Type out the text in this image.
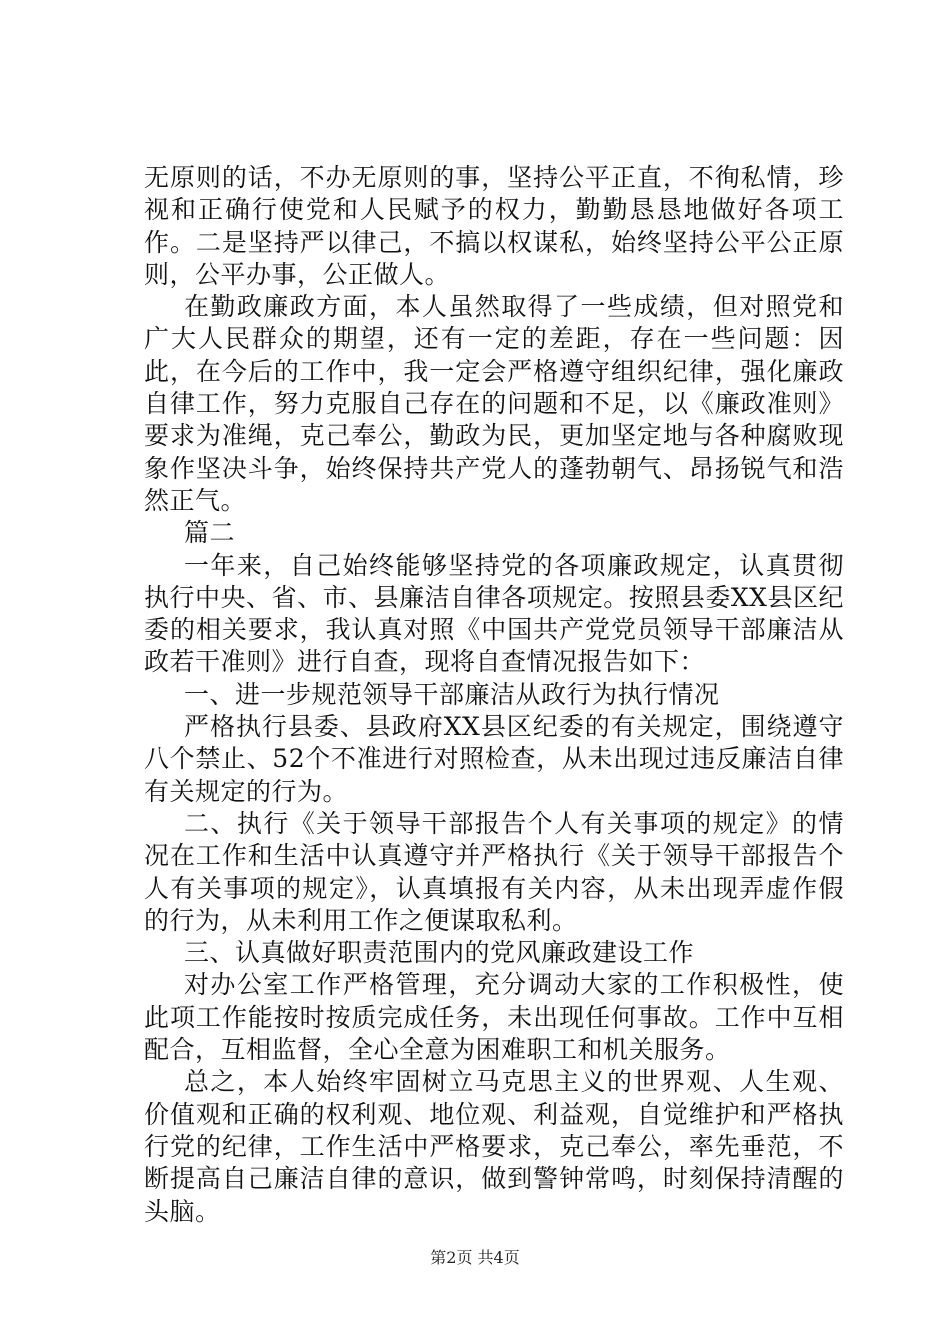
无原则的话，不办无原则的事，坚持公平正直，不徇私情，珍视和正确行使党和人民赋予的权力，勤勤恳恳地做好各项工作。二是坚持严以律己，不搞以权谋私，始终坚持公平公正原则，公平办事，公正做人。

在勤政廉政方面，本人虽然取得了一些成绩，但对照党和广大人民群众的期望，还有一定的差距，存在一些问题：因此，在今后的工作中，我一定会严格遵守组织纪律，强化廉政自律工作，努力克服自己存在的问题和不足，以《廉政准则》要求为准绳，克己奉公，勤政为民，更加坚定地与各种腐败现象作坚决斗争，始终保持共产党人的蓬勃朝气、昂扬锐气和浩然正气。

篇二

一年来，自己始终能够坚持党的各项廉政规定，认真贯彻执行中央、省、市、县廉洁自律各项规定。按照县委XX县区纪委的相关要求，我认真对照《中国共产党党员领导干部廉洁从政若干准则》进行自查，现将自查情况报告如下：

一、进一步规范领导干部廉洁从政行为执行情况

严格执行县委、县政府XX县区纪委的有关规定，围绕遵守八个禁止、52个不准进行对照检查，从未出现过违反廉洁自律有关规定的行为。

二、执行《关于领导干部报告个人有关事项的规定》的情况在工作和生活中认真遵守并严格执行《关于领导干部报告个人有关事项的规定》，认真填报有关内容，从未出现弄虚作假的行为，从未利用工作之便谋取私利。

三、认真做好职责范围内的党风廉政建设工作

对办公室工作严格管理，充分调动大家的工作积极性，使此项工作能按时按质完成任务，未出现任何事故。工作中互相配合，互相监督，全心全意为困难职工和机关服务。

总之，本人始终牢固树立马克思主义的世界观、人生观、价值观和正确的权利观、地位观、利益观，自觉维护和严格执行党的纪律，工作生活中严格要求，克己奉公，率先垂范，不断提高自己廉洁自律的意识，做到警钟常鸣，时刻保持清醒的头脑。

第2页 共4页
